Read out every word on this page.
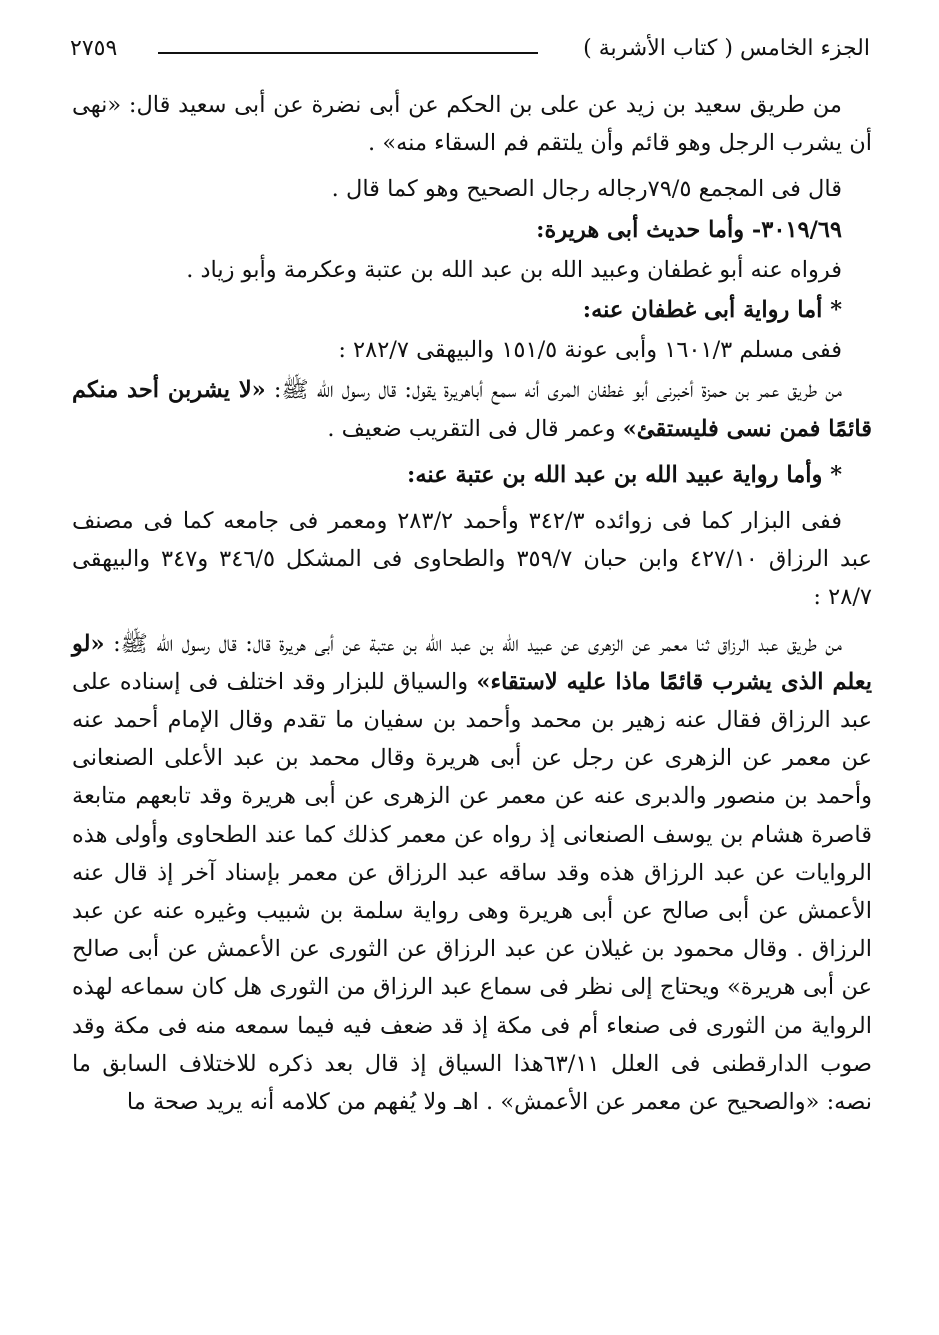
الجزء الخامس ( كتاب الأشربة )
٢٧٥٩

من طريق سعيد بن زيد عن على بن الحكم عن أبى نضرة عن أبى سعيد قال: «نهى أن يشرب الرجل وهو قائم وأن يلتقم فم السقاء منه» .

قال فى المجمع ٧٩/٥رجاله رجال الصحيح وهو كما قال .

٣٠١٩/٦٩- وأما حديث أبى هريرة:

فرواه عنه أبو غطفان وعبيد الله بن عبد الله بن عتبة وعكرمة وأبو زياد .

* أما رواية أبى غطفان عنه:

ففى مسلم ١٦٠١/٣ وأبى عونة ١٥١/٥ والبيهقى ٢٨٢/٧ :

من طريق عمر بن حمزة أخبرنى أبو غطفان المرى أنه سمع أباهريرة يقول: قال رسول الله ﷺ: «لا يشربن أحد منكم قائمًا فمن نسى فليستقئ» وعمر قال فى التقريب ضعيف .

* وأما رواية عبيد الله بن عبد الله بن عتبة عنه:

ففى البزار كما فى زوائده ٣٤٢/٣ وأحمد ٢٨٣/٢ ومعمر فى جامعه كما فى مصنف عبد الرزاق ٤٢٧/١٠ وابن حبان ٣٥٩/٧ والطحاوى فى المشكل ٣٤٦/٥ و٣٤٧ والبيهقى ٢٨/٧ :

من طريق عبد الرزاق ثنا معمر عن الزهرى عن عبيد الله بن عبد الله بن عتبة عن أبى هريرة قال: قال رسول الله ﷺ: «لو يعلم الذى يشرب قائمًا ماذا عليه لاستقاء» والسياق للبزار وقد اختلف فى إسناده على عبد الرزاق فقال عنه زهير بن محمد وأحمد بن سفيان ما تقدم وقال الإمام أحمد عنه عن معمر عن الزهرى عن رجل عن أبى هريرة وقال محمد بن عبد الأعلى الصنعانى وأحمد بن منصور والدبرى عنه عن معمر عن الزهرى عن أبى هريرة وقد تابعهم متابعة قاصرة هشام بن يوسف الصنعانى إذ رواه عن معمر كذلك كما عند الطحاوى وأولى هذه الروايات عن عبد الرزاق هذه وقد ساقه عبد الرزاق عن معمر بإسناد آخر إذ قال عنه الأعمش عن أبى صالح عن أبى هريرة وهى رواية سلمة بن شبيب وغيره عنه عن عبد الرزاق . وقال محمود بن غيلان عن عبد الرزاق عن الثورى عن الأعمش عن أبى صالح عن أبى هريرة» ويحتاج إلى نظر فى سماع عبد الرزاق من الثورى هل كان سماعه لهذه الرواية من الثورى فى صنعاء أم فى مكة إذ قد ضعف فيه فيما سمعه منه فى مكة وقد صوب الدارقطنى فى العلل ٦٣/١١هذا السياق إذ قال بعد ذكره للاختلاف السابق ما نصه: «والصحيح عن معمر عن الأعمش» . اهـ ولا يُفهم من كلامه أنه يريد صحة ما
